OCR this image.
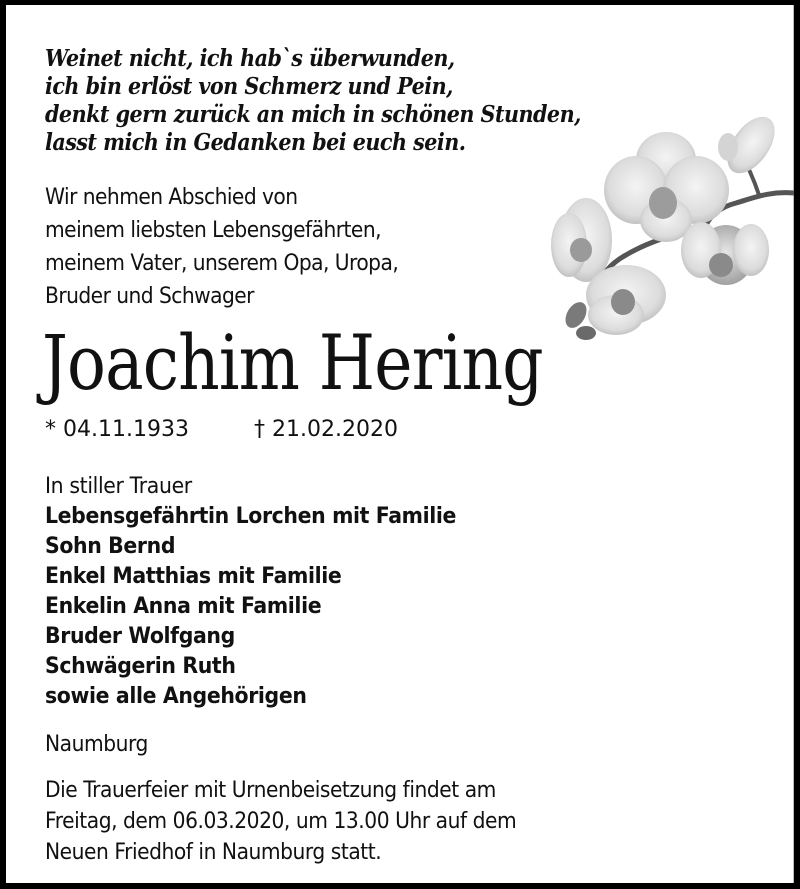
Weinet nicht, ich hab`s überwunden,
ich bin erlöst von Schmerz und Pein,
denkt gern zurück an mich in schönen Stunden,
lasst mich in Gedanken bei euch sein.
Wir nehmen Abschied von
meinem liebsten Lebensgefährten,
meinem Vater, unserem Opa, Uropa,
Bruder und Schwager
Joachim Hering
* 04.11.1933	† 21.02.2020
In stiller Trauer
Lebensgefährtin Lorchen mit Familie
Sohn Bernd
Enkel Matthias mit Familie
Enkelin Anna mit Familie
Bruder Wolfgang
Schwägerin Ruth
sowie alle Angehörigen
Naumburg
Die Trauerfeier mit Urnenbeisetzung findet am
Freitag, dem 06.03.2020, um 13.00 Uhr auf dem
Neuen Friedhof in Naumburg statt.
